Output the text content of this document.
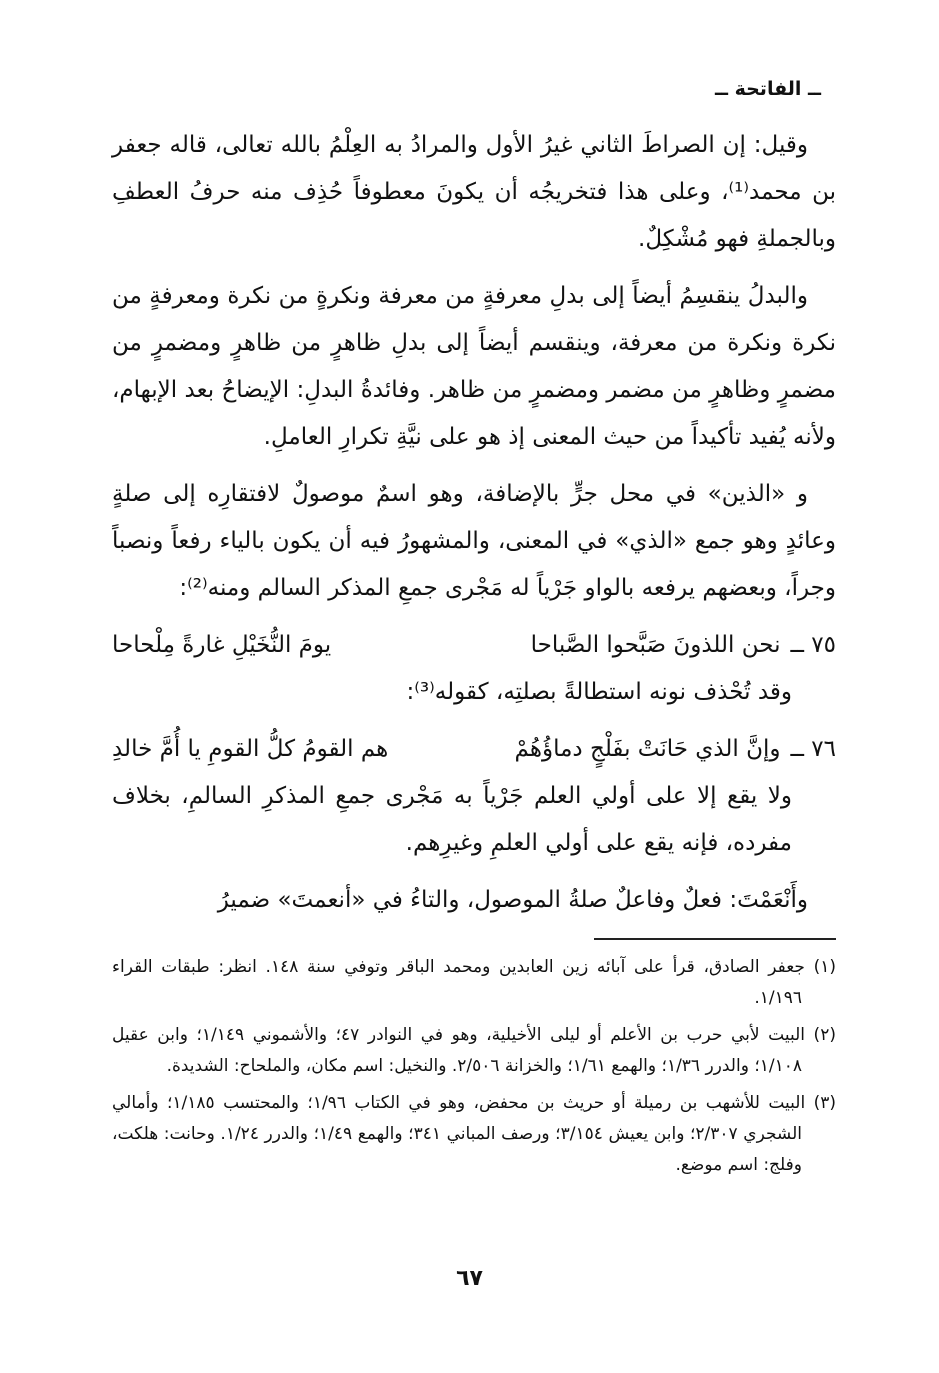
ــ الفاتحة ــ

وقيل: إن الصراطَ الثاني غيرُ الأول والمرادُ به العِلْمُ بالله تعالى، قاله جعفر بن محمد⁽¹⁾، وعلى هذا فتخريجُه أن يكونَ معطوفاً حُذِف منه حرفُ العطفِ وبالجملةِ فهو مُشْكِلٌ.

والبدلُ ينقسِمُ أيضاً إلى بدلِ معرفةٍ من معرفة ونكرةٍ من نكرة ومعرفةٍ من نكرة ونكرة من معرفة، وينقسم أيضاً إلى بدلِ ظاهرٍ من ظاهرٍ ومضمرٍ من مضمرٍ وظاهرٍ من مضمر ومضمرٍ من ظاهر. وفائدةُ البدلِ: الإيضاحُ بعد الإبهام، ولأنه يُفيد تأكيداً من حيث المعنى إذ هو على نيَّةِ تكرارِ العاملِ.

و «الذين» في محل جرٍّ بالإضافة، وهو اسمٌ موصولٌ لافتقارِه إلى صلةٍ وعائدٍ وهو جمع «الذي» في المعنى، والمشهورُ فيه أن يكون بالياء رفعاً ونصباً وجراً، وبعضهم يرفعه بالواو جَرْياً له مَجْرى جمعِ المذكر السالم ومنه⁽²⁾:

٧٥ ــ
نحن اللذونَ صَبَّحوا الصَّباحا
يومَ النُّخَيْلِ غارةً مِلْحاحا

وقد تُحْذف نونه استطالةً بصلتِه، كقوله⁽³⁾:

٧٦ ــ
وإنَّ الذي حَانَتْ بفَلْجٍ دماؤُهُمْ
هم القومُ كلُّ القومِ يا أُمَّ خالدِ

ولا يقع إلا على أولي العلم جَرْياً به مَجْرى جمعِ المذكرِ السالمِ، بخلاف مفرده، فإنه يقع على أولي العلمِ وغيرِهم.

وأَنْعَمْتَ: فعلٌ وفاعلٌ صلةُ الموصول، والتاءُ في «أنعمتَ» ضميرُ

(١) جعفر الصادق، قرأ على آبائه زين العابدين ومحمد الباقر وتوفي سنة ١٤٨. انظر: طبقات القراء ١/١٩٦.

(٢) البيت لأبي حرب بن الأعلم أو ليلى الأخيلية، وهو في النوادر ٤٧؛ والأشموني ١/١٤٩؛ وابن عقيل ١/١٠٨؛ والدرر ١/٣٦؛ والهمع ١/٦١؛ والخزانة ٢/٥٠٦. والنخيل: اسم مكان، والملحاح: الشديدة.

(٣) البيت للأشهب بن رميلة أو حريث بن محفض، وهو في الكتاب ١/٩٦؛ والمحتسب ١/١٨٥؛ وأمالي الشجري ٢/٣٠٧؛ وابن يعيش ٣/١٥٤؛ ورصف المباني ٣٤١؛ والهمع ١/٤٩؛ والدرر ١/٢٤. وحانت: هلكت، وفلج: اسم موضع.

٦٧
